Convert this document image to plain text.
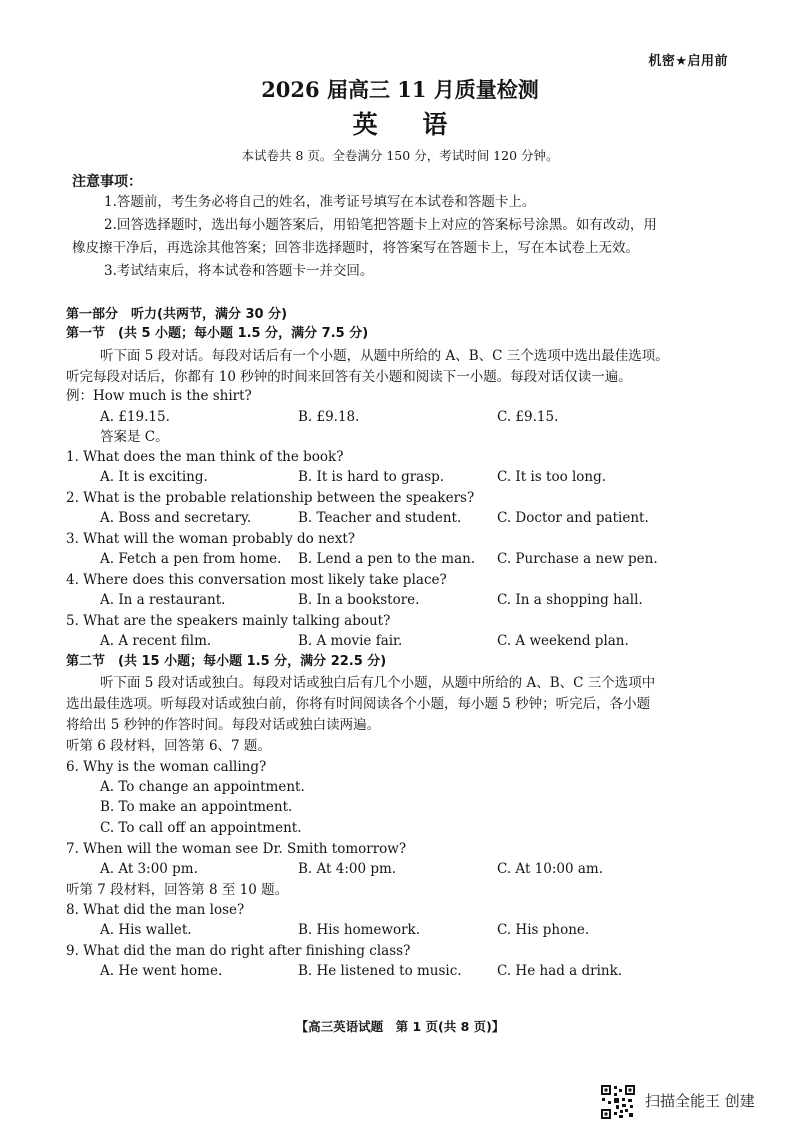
机密★启用前
2026 届高三 11 月质量检测
英 语
本试卷共 8 页。全卷满分 150 分，考试时间 120 分钟。
注意事项：
1.答题前，考生务必将自己的姓名，准考证号填写在本试卷和答题卡上。
2.回答选择题时，选出每小题答案后，用铅笔把答题卡上对应的答案标号涂黑。如有改动，用
橡皮擦干净后，再选涂其他答案；回答非选择题时，将答案写在答题卡上，写在本试卷上无效。
3.考试结束后，将本试卷和答题卡一并交回。
第一部分　听力(共两节，满分 30 分)
第一节　(共 5 小题；每小题 1.5 分，满分 7.5 分)
听下面 5 段对话。每段对话后有一个小题，从题中所给的 A、B、C 三个选项中选出最佳选项。
听完每段对话后，你都有 10 秒钟的时间来回答有关小题和阅读下一小题。每段对话仅读一遍。
例：How much is the shirt?
A. £19.15.	B. £9.18.	C. £9.15.
答案是 C。
1. What does the man think of the book?
A. It is exciting.	B. It is hard to grasp.	C. It is too long.
2. What is the probable relationship between the speakers?
A. Boss and secretary.	B. Teacher and student.	C. Doctor and patient.
3. What will the woman probably do next?
A. Fetch a pen from home. B. Lend a pen to the man. C. Purchase a new pen.
4. Where does this conversation most likely take place?
A. In a restaurant.	B. In a bookstore.	C. In a shopping hall.
5. What are the speakers mainly talking about?
A. A recent film.	B. A movie fair.	C. A weekend plan.
第二节　(共 15 小题；每小题 1.5 分，满分 22.5 分)
听下面 5 段对话或独白。每段对话或独白后有几个小题，从题中所给的 A、B、C 三个选项中
选出最佳选项。听每段对话或独白前，你将有时间阅读各个小题，每小题 5 秒钟；听完后，各小题
将给出 5 秒钟的作答时间。每段对话或独白读两遍。
听第 6 段材料，回答第 6、7 题。
6. Why is the woman calling?
A. To change an appointment.
B. To make an appointment.
C. To call off an appointment.
7. When will the woman see Dr. Smith tomorrow?
A. At 3:00 pm.	B. At 4:00 pm.	C. At 10:00 am.
听第 7 段材料，回答第 8 至 10 题。
8. What did the man lose?
A. His wallet.	B. His homework.	C. His phone.
9. What did the man do right after finishing class?
A. He went home.	B. He listened to music.	C. He had a drink.
【高三英语试题　第 1 页(共 8 页)】
扫描全能王 创建
